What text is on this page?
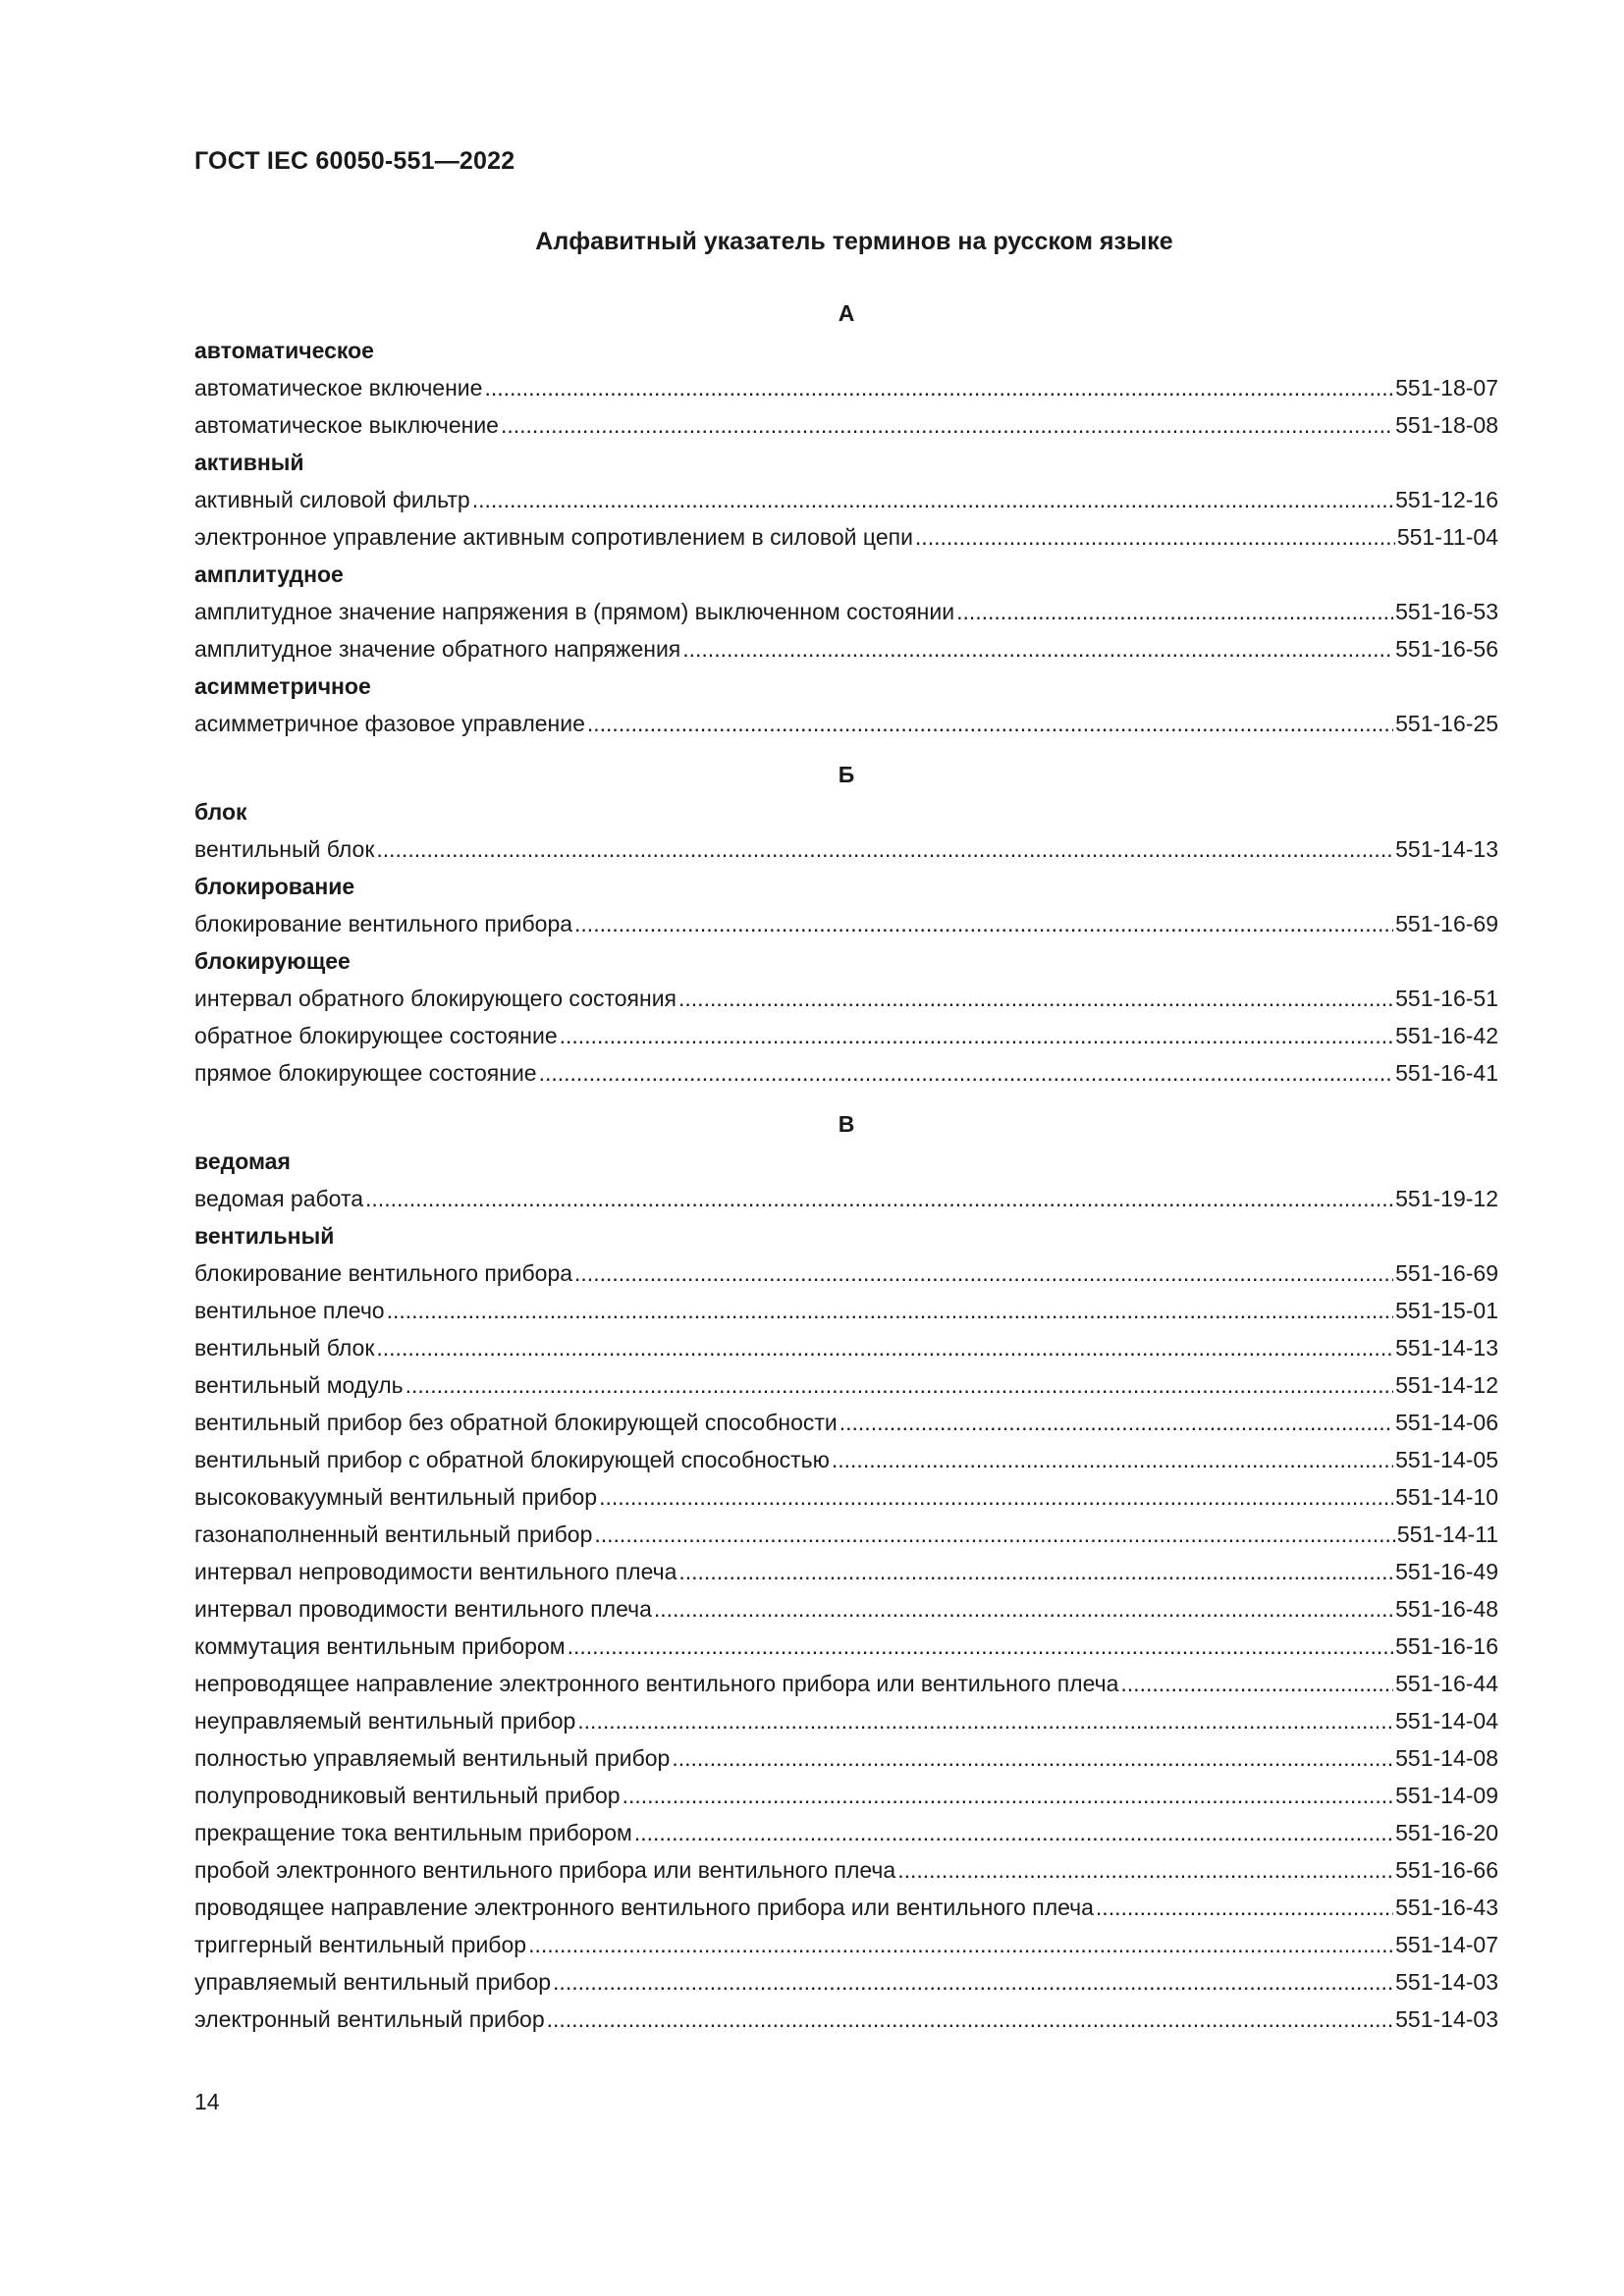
ГОСТ IEC 60050-551—2022
Алфавитный указатель терминов на русском языке
А
автоматическое
автоматическое включение .....	551-18-07
автоматическое выключение .....	551-18-08
активный
активный силовой фильтр .....	551-12-16
электронное управление активным сопротивлением в силовой цепи .....	551-11-04
амплитудное
амплитудное значение напряжения в (прямом) выключенном состоянии .....	551-16-53
амплитудное значение обратного напряжения .....	551-16-56
асимметричное
асимметричное фазовое управление .....	551-16-25
Б
блок
вентильный блок .....	551-14-13
блокирование
блокирование вентильного прибора .....	551-16-69
блокирующее
интервал обратного блокирующего состояния .....	551-16-51
обратное блокирующее состояние .....	551-16-42
прямое блокирующее состояние .....	551-16-41
В
ведомая
ведомая работа .....	551-19-12
вентильный
блокирование вентильного прибора .....	551-16-69
вентильное плечо .....	551-15-01
вентильный блок .....	551-14-13
вентильный модуль .....	551-14-12
вентильный прибор без обратной блокирующей способности .....	551-14-06
вентильный прибор с обратной блокирующей способностью .....	551-14-05
высоковакуумный вентильный прибор .....	551-14-10
газонаполненный вентильный прибор .....	551-14-11
интервал непроводимости вентильного плеча .....	551-16-49
интервал проводимости вентильного плеча .....	551-16-48
коммутация вентильным прибором .....	551-16-16
непроводящее направление электронного вентильного прибора или вентильного плеча .....	551-16-44
неуправляемый вентильный прибор .....	551-14-04
полностью управляемый вентильный прибор .....	551-14-08
полупроводниковый вентильный прибор .....	551-14-09
прекращение тока вентильным прибором .....	551-16-20
пробой электронного вентильного прибора или вентильного плеча .....	551-16-66
проводящее направление электронного вентильного прибора или вентильного плеча .....	551-16-43
триггерный вентильный прибор .....	551-14-07
управляемый вентильный прибор .....	551-14-03
электронный вентильный прибор .....	551-14-03
14
